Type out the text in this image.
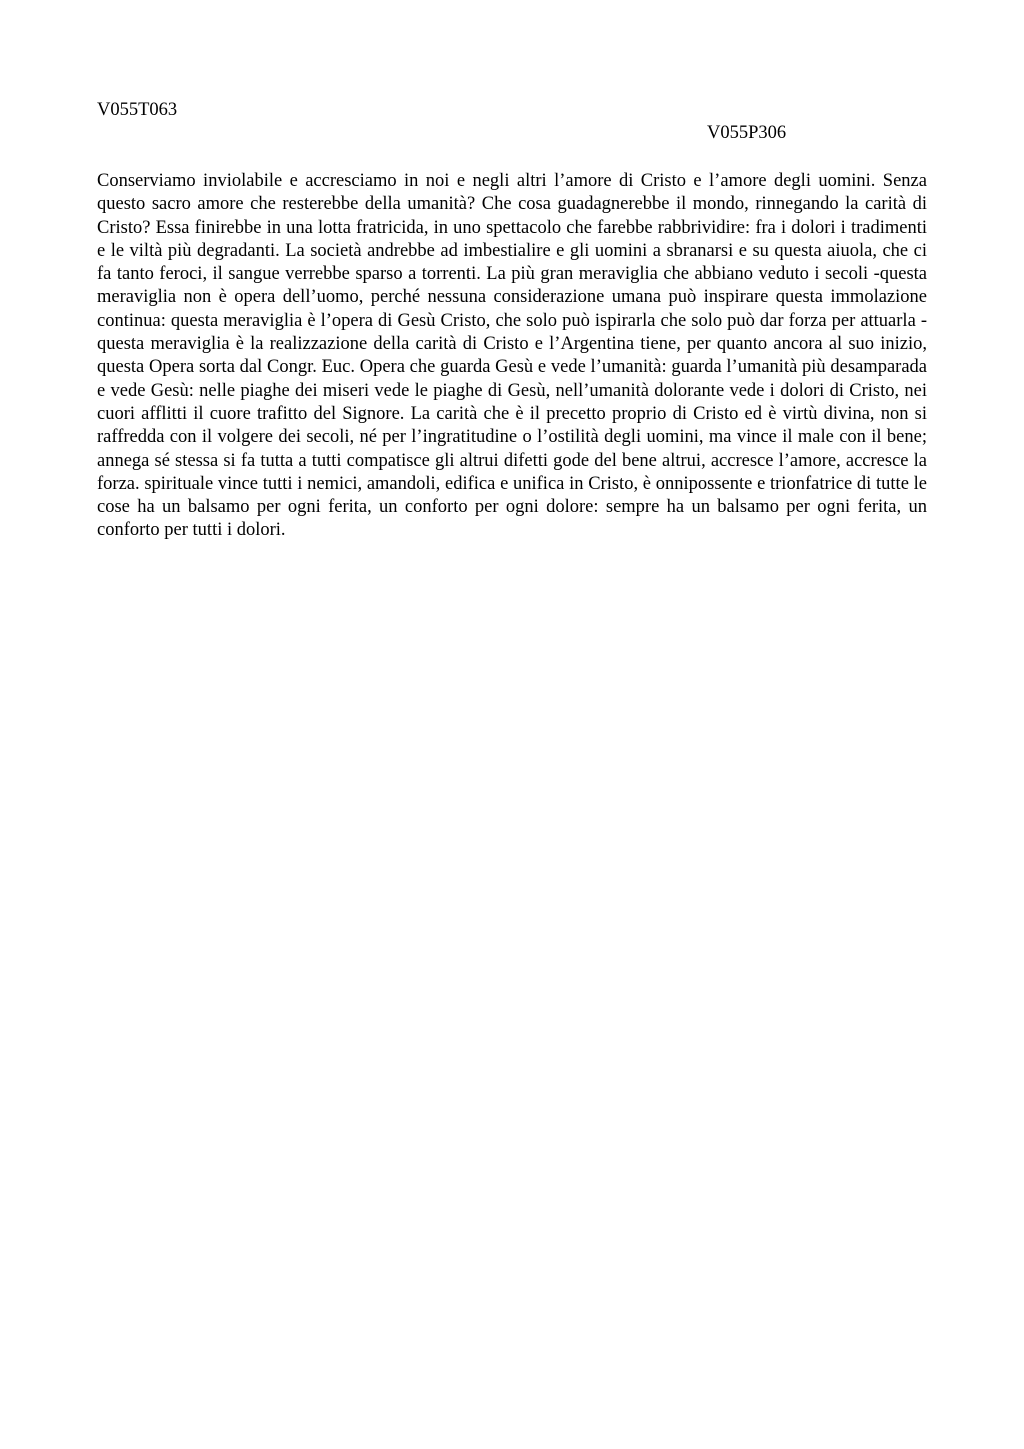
V055T063
V055P306

Conserviamo inviolabile e accresciamo in noi e negli altri l’amore di Cristo e l’amore degli uomini. Senza questo sacro amore che resterebbe della umanità? Che cosa guadagnerebbe il mondo, rinnegando la carità di Cristo? Essa finirebbe in una lotta fratricida, in uno spettacolo che farebbe rabbrividire: fra i dolori i tradimenti e le viltà più degradanti. La società andrebbe ad imbestialire e gli uomini a sbranarsi e su questa aiuola, che ci fa tanto feroci, il sangue verrebbe sparso a torrenti. La più gran meraviglia che abbiano veduto i secoli -questa meraviglia non è opera dell’uomo, perché nessuna considerazione umana può inspirare questa immolazione continua: questa meraviglia è l’opera di Gesù Cristo, che solo può ispirarla che solo può dar forza per attuarla - questa meraviglia è la realizzazione della carità di Cristo e l’Argentina tiene, per quanto ancora al suo inizio, questa Opera sorta dal Congr. Euc. Opera che guarda Gesù e vede l’umanità: guarda l’umanità più desamparada e vede Gesù: nelle piaghe dei miseri vede le piaghe di Gesù, nell’umanità dolorante vede i dolori di Cristo, nei cuori afflitti il cuore trafitto del Signore. La carità che è il precetto proprio di Cristo ed è virtù divina, non si raffredda con il volgere dei secoli, né per l’ingratitudine o l’ostilità degli uomini, ma vince il male con il bene; annega sé stessa si fa tutta a tutti compatisce gli altrui difetti gode del bene altrui, accresce l’amore, accresce la forza. spirituale vince tutti i nemici, amandoli, edifica e unifica in Cristo, è onnipossente e trionfatrice di tutte le cose ha un balsamo per ogni ferita, un conforto per ogni dolore: sempre ha un balsamo per ogni ferita, un conforto per tutti i dolori.
